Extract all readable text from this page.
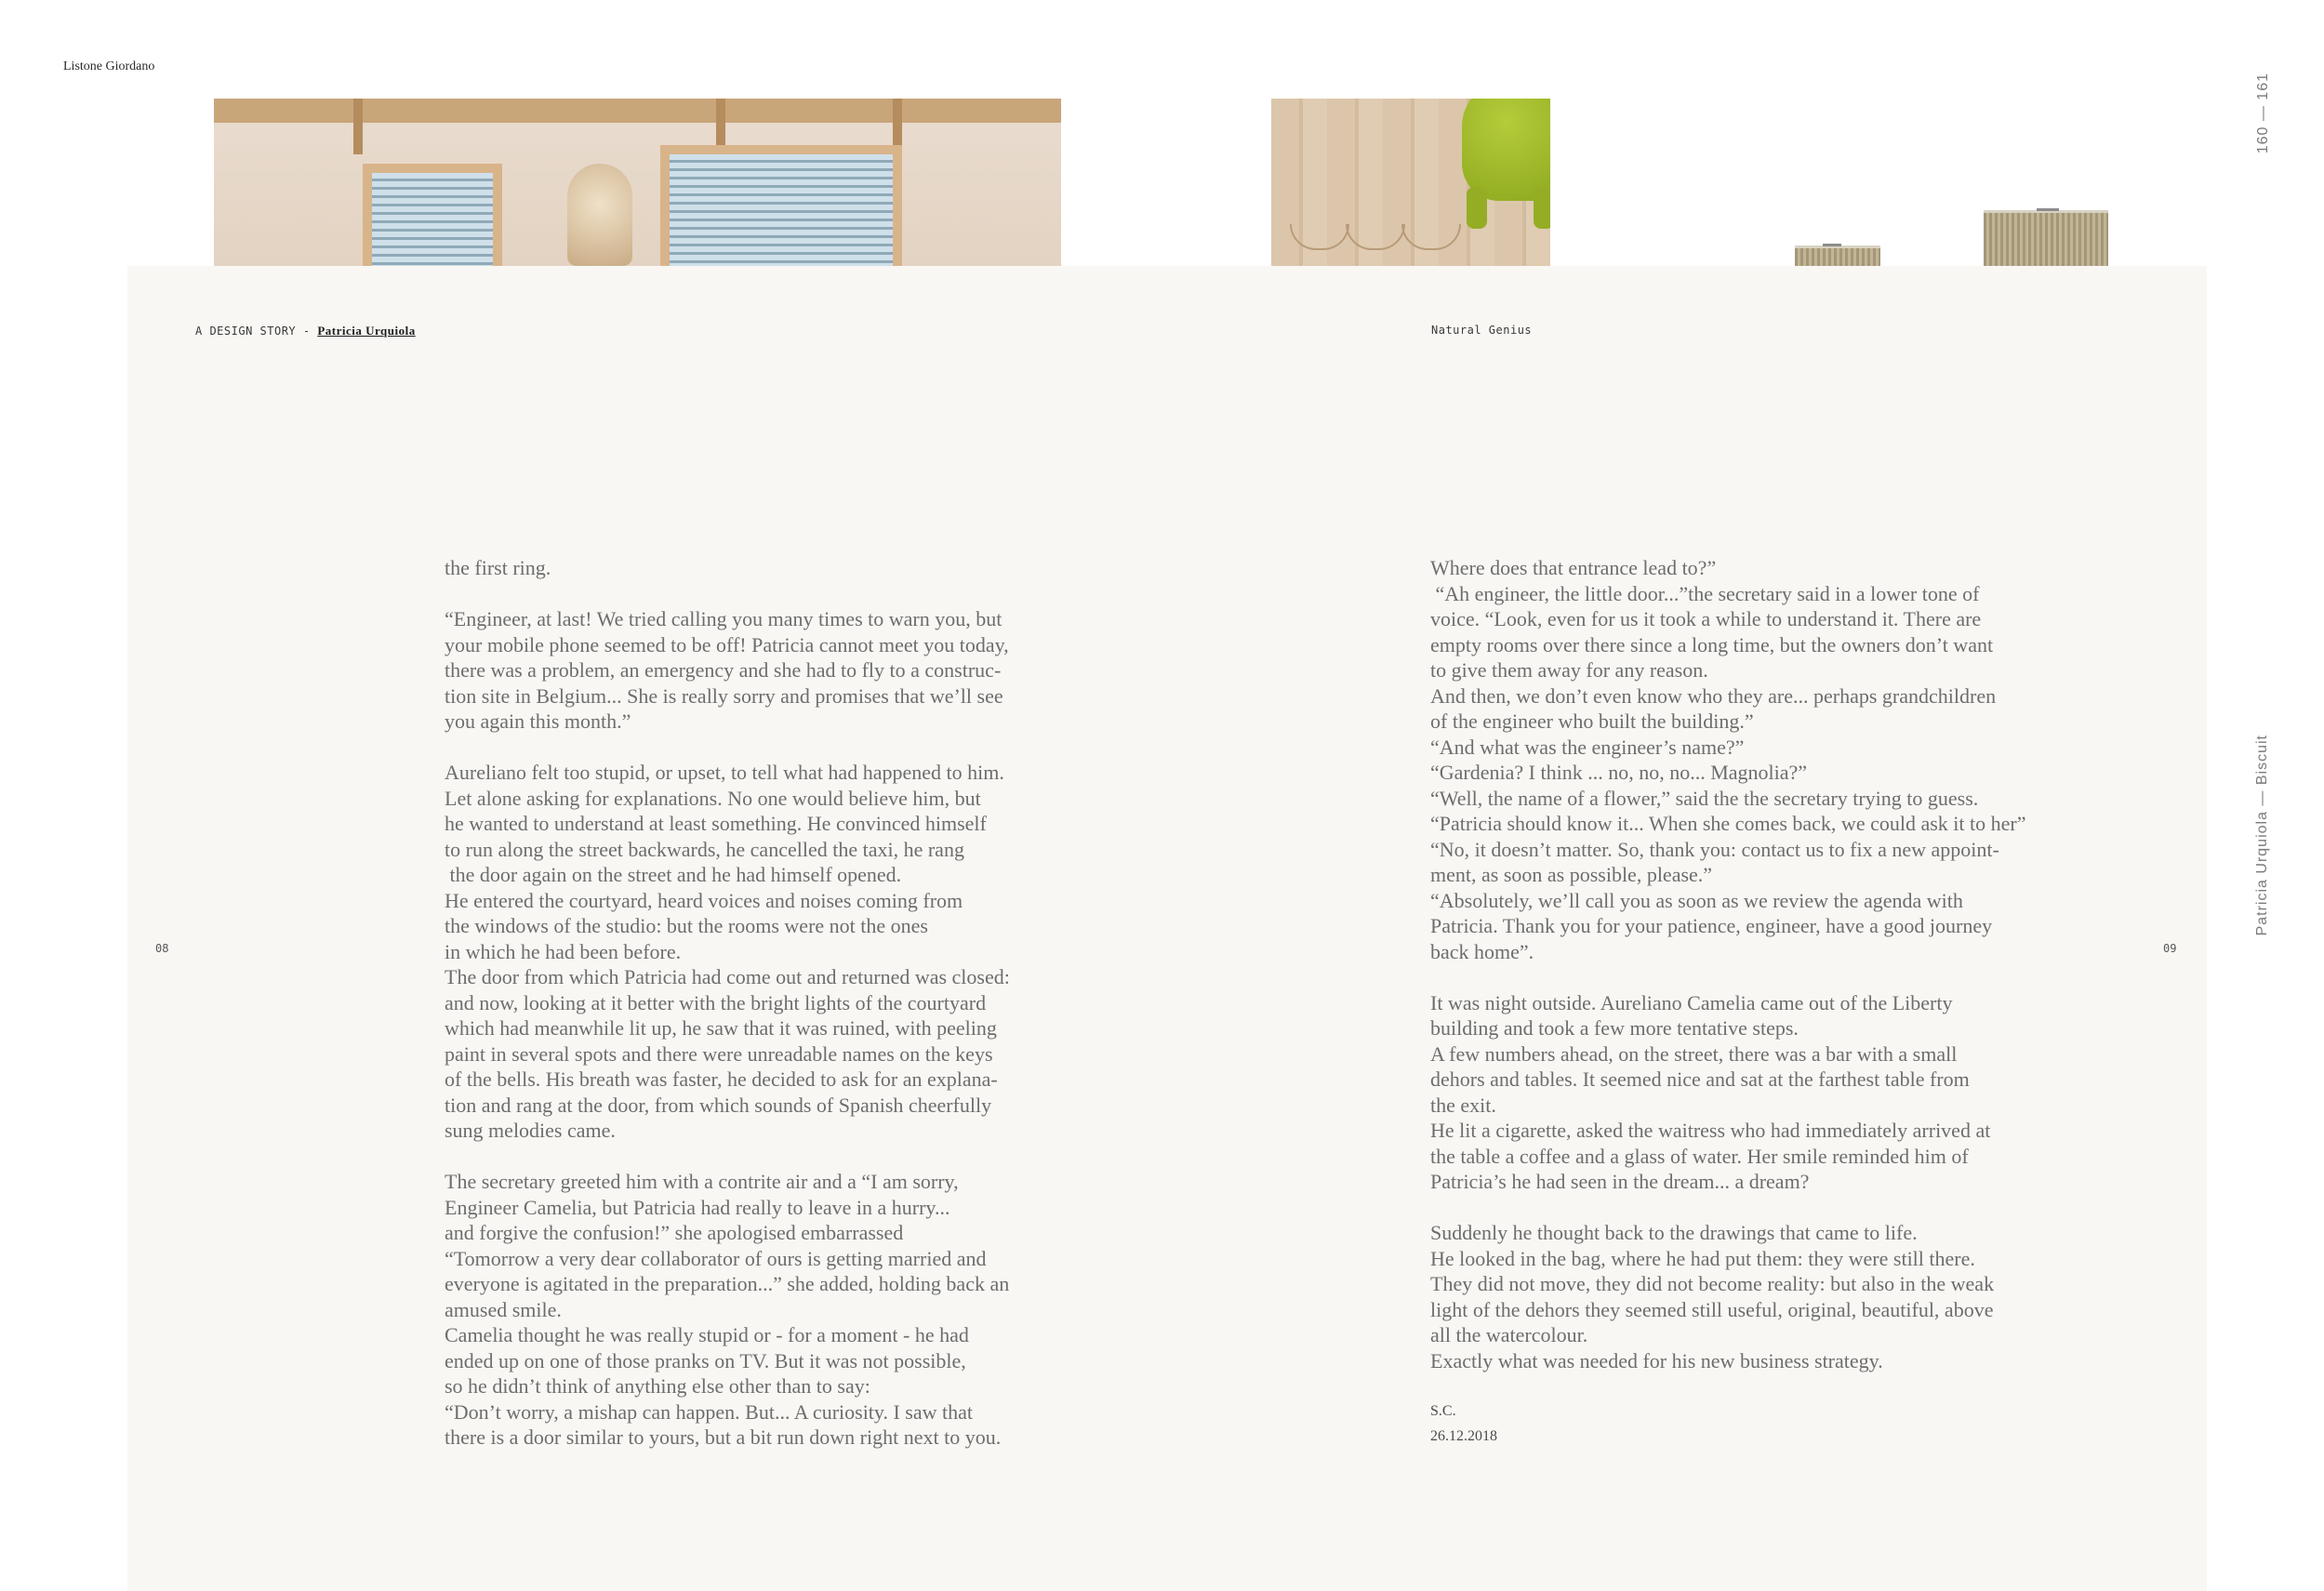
Listone Giordano
160 — 161
A DESIGN STORY - Patricia Urquiola	Natural Genius
08	09
Patricia Urquiola — Biscuit

the first ring.

“Engineer, at last! We tried calling you many times to warn you, but
your mobile phone seemed to be off! Patricia cannot meet you today,
there was a problem, an emergency and she had to fly to a construc-
tion site in Belgium... She is really sorry and promises that we’ll see
you again this month.”

Aureliano felt too stupid, or upset, to tell what had happened to him.
Let alone asking for explanations. No one would believe him, but
he wanted to understand at least something. He convinced himself
to run along the street backwards, he cancelled the taxi, he rang
the door again on the street and he had himself opened.
He entered the courtyard, heard voices and noises coming from
the windows of the studio: but the rooms were not the ones
in which he had been before.
The door from which Patricia had come out and returned was closed:
and now, looking at it better with the bright lights of the courtyard
which had meanwhile lit up, he saw that it was ruined, with peeling
paint in several spots and there were unreadable names on the keys
of the bells. His breath was faster, he decided to ask for an explana-
tion and rang at the door, from which sounds of Spanish cheerfully
sung melodies came.

The secretary greeted him with a contrite air and a “I am sorry,
Engineer Camelia, but Patricia had really to leave in a hurry...
and forgive the confusion!” she apologised embarrassed
“Tomorrow a very dear collaborator of ours is getting married and
everyone is agitated in the preparation...” she added, holding back an
amused smile.
Camelia thought he was really stupid or - for a moment - he had
ended up on one of those pranks on TV. But it was not possible,
so he didn’t think of anything else other than to say:
“Don’t worry, a mishap can happen. But... A curiosity. I saw that
there is a door similar to yours, but a bit run down right next to you.

Where does that entrance lead to?”
“Ah engineer, the little door...”the secretary said in a lower tone of
voice. “Look, even for us it took a while to understand it. There are
empty rooms over there since a long time, but the owners don’t want
to give them away for any reason.
And then, we don’t even know who they are... perhaps grandchildren
of the engineer who built the building.”
“And what was the engineer’s name?”
“Gardenia? I think ... no, no, no... Magnolia?”
“Well, the name of a flower,” said the the secretary trying to guess.
“Patricia should know it... When she comes back, we could ask it to her”
“No, it doesn’t matter. So, thank you: contact us to fix a new appoint-
ment, as soon as possible, please.”
“Absolutely, we’ll call you as soon as we review the agenda with
Patricia. Thank you for your patience, engineer, have a good journey
back home”.

It was night outside. Aureliano Camelia came out of the Liberty
building and took a few more tentative steps.
A few numbers ahead, on the street, there was a bar with a small
dehors and tables. It seemed nice and sat at the farthest table from
the exit.
He lit a cigarette, asked the waitress who had immediately arrived at
the table a coffee and a glass of water. Her smile reminded him of
Patricia’s he had seen in the dream... a dream?

Suddenly he thought back to the drawings that came to life.
He looked in the bag, where he had put them: they were still there.
They did not move, they did not become reality: but also in the weak
light of the dehors they seemed still useful, original, beautiful, above
all the watercolour.
Exactly what was needed for his new business strategy.

S.C.
26.12.2018
